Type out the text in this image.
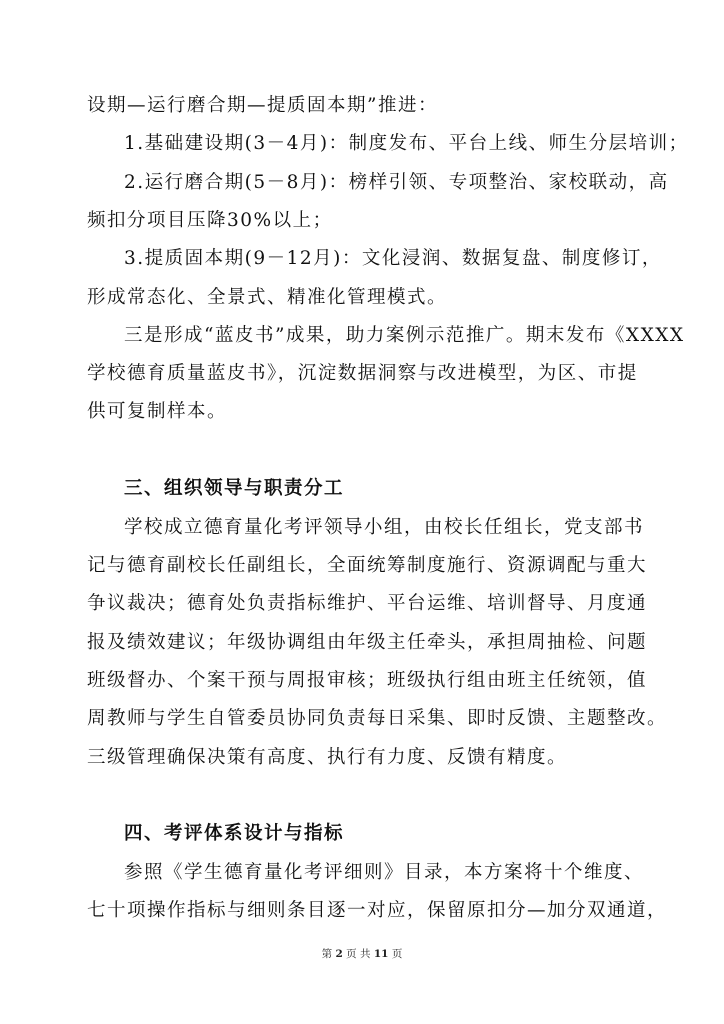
设期—运行磨合期—提质固本期”推进：
1.基础建设期(3－4月)：制度发布、平台上线、师生分层培训；
2.运行磨合期(5－8月)：榜样引领、专项整治、家校联动，高
频扣分项目压降30%以上；
3.提质固本期(9－12月)：文化浸润、数据复盘、制度修订，
形成常态化、全景式、精准化管理模式。
三是形成“蓝皮书”成果，助力案例示范推广。期末发布《XXXX
学校德育质量蓝皮书》，沉淀数据洞察与改进模型，为区、市提
供可复制样本。
三、组织领导与职责分工
学校成立德育量化考评领导小组，由校长任组长，党支部书
记与德育副校长任副组长，全面统筹制度施行、资源调配与重大
争议裁决；德育处负责指标维护、平台运维、培训督导、月度通
报及绩效建议；年级协调组由年级主任牵头，承担周抽检、问题
班级督办、个案干预与周报审核；班级执行组由班主任统领，值
周教师与学生自管委员协同负责每日采集、即时反馈、主题整改。
三级管理确保决策有高度、执行有力度、反馈有精度。
四、考评体系设计与指标
参照《学生德育量化考评细则》目录，本方案将十个维度、
七十项操作指标与细则条目逐一对应，保留原扣分—加分双通道，
第 2 页 共 11 页
